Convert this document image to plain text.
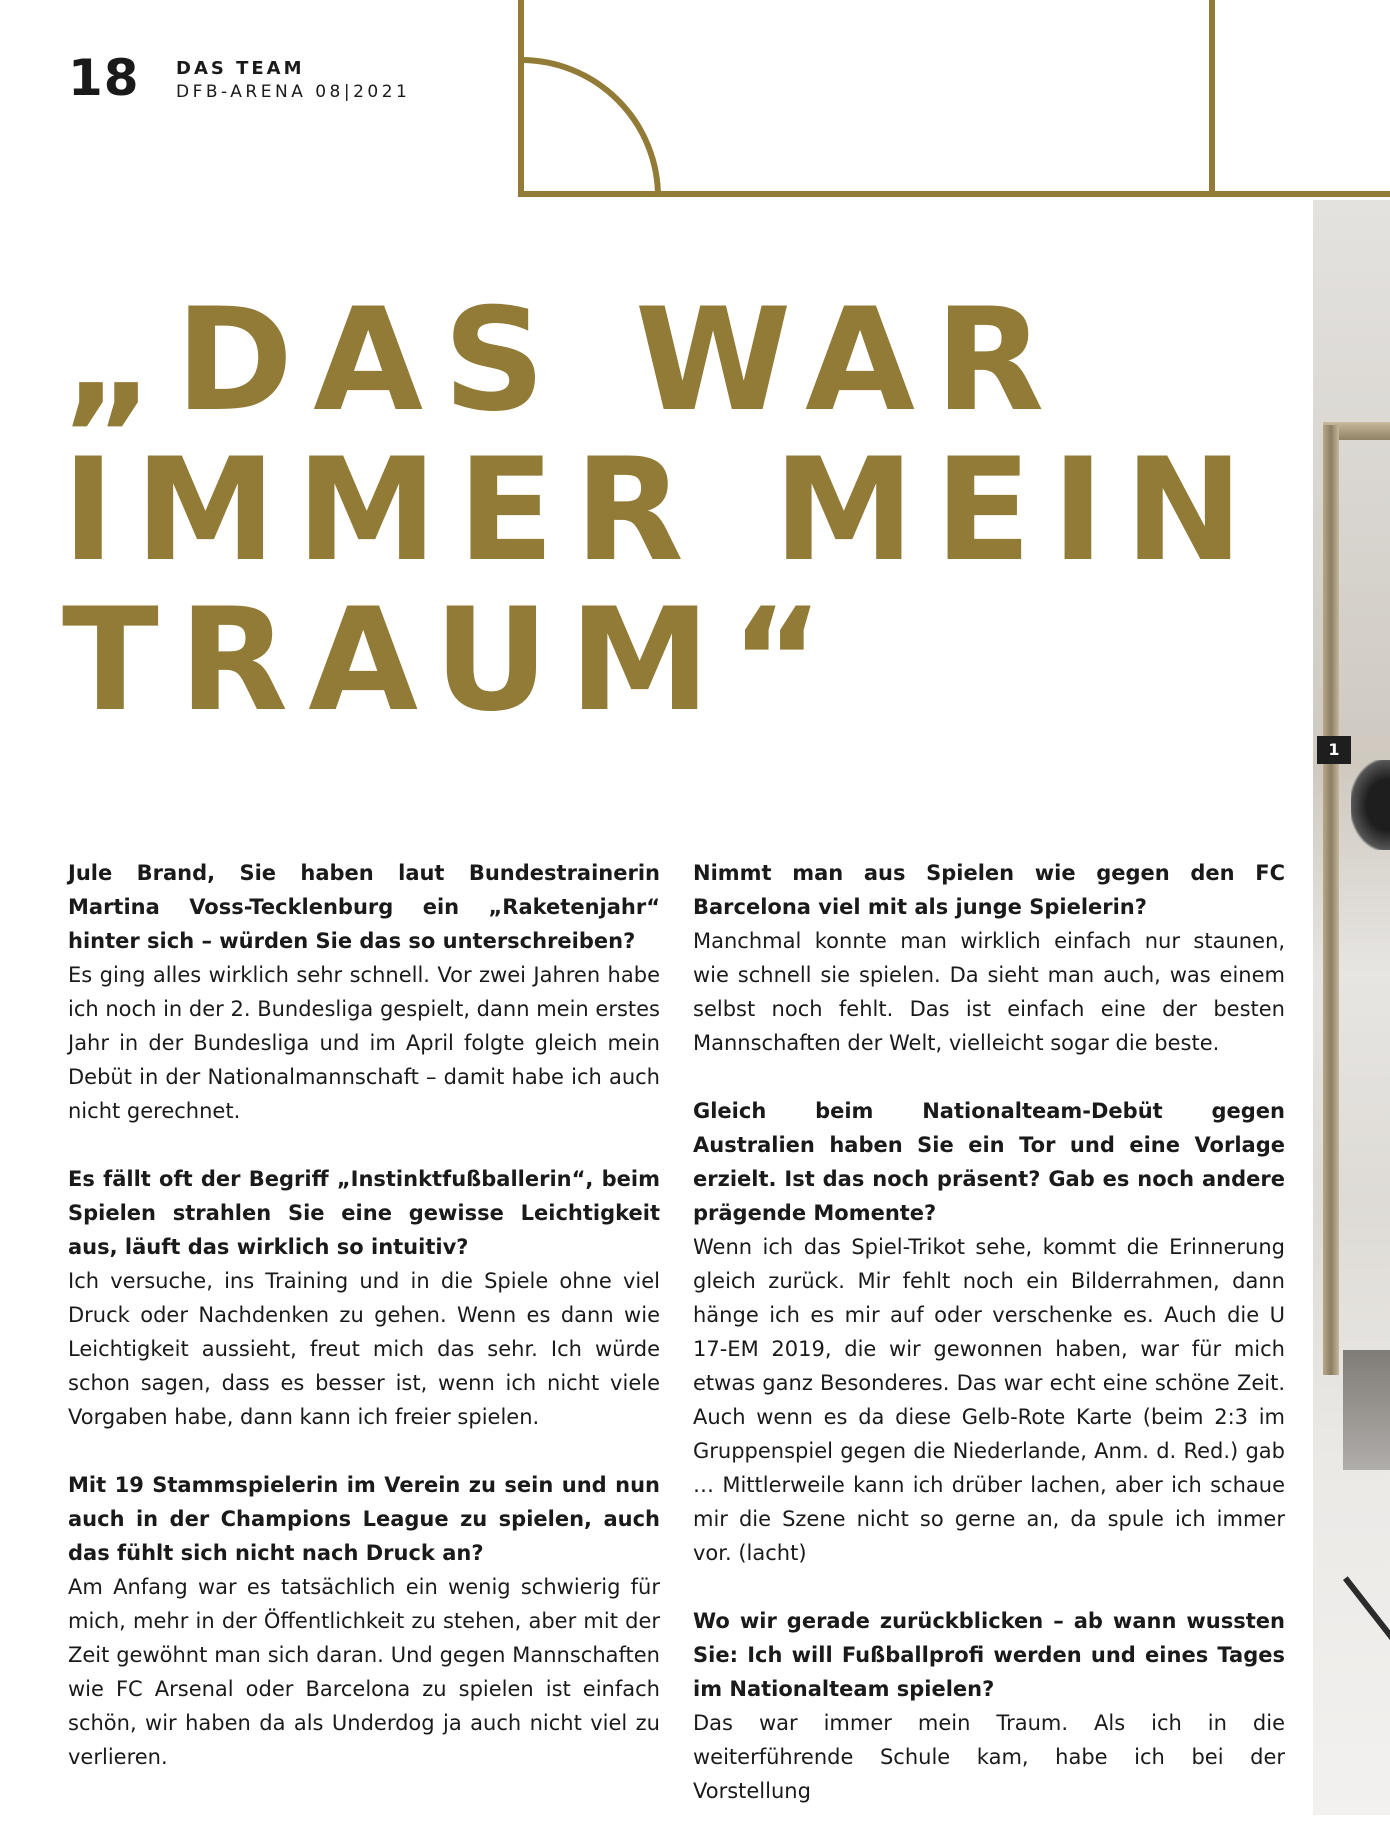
18 DAS TEAM
DFB-ARENA 08|2021
1
„DAS WAR
IMMER MEIN
TRAUM“

Jule Brand, Sie haben laut Bundestrainerin Martina Voss-Tecklenburg ein „Raketenjahr“ hinter sich – würden Sie das so unterschreiben?

Es ging alles wirklich sehr schnell. Vor zwei Jahren habe ich noch in der 2. Bundesliga gespielt, dann mein erstes Jahr in der Bundesliga und im April folgte gleich mein Debüt in der Nationalmannschaft – damit habe ich auch nicht gerechnet.

Es fällt oft der Begriff „Instinktfußballerin“, beim Spielen strahlen Sie eine gewisse Leichtigkeit aus, läuft das wirklich so intuitiv?

Ich versuche, ins Training und in die Spiele ohne viel Druck oder Nachdenken zu gehen. Wenn es dann wie Leichtigkeit aussieht, freut mich das sehr. Ich würde schon sagen, dass es besser ist, wenn ich nicht viele Vorgaben habe, dann kann ich freier spielen.

Mit 19 Stammspielerin im Verein zu sein und nun auch in der Champions League zu spielen, auch das fühlt sich nicht nach Druck an?

Am Anfang war es tatsächlich ein wenig schwierig für mich, mehr in der Öffentlichkeit zu stehen, aber mit der Zeit gewöhnt man sich daran. Und gegen Mannschaften wie FC Arsenal oder Barcelona zu spielen ist einfach schön, wir haben da als Underdog ja auch nicht viel zu verlieren.

Nimmt man aus Spielen wie gegen den FC Barcelona viel mit als junge Spielerin?

Manchmal konnte man wirklich einfach nur staunen, wie schnell sie spielen. Da sieht man auch, was einem selbst noch fehlt. Das ist einfach eine der besten Mannschaften der Welt, vielleicht sogar die beste.

Gleich beim Nationalteam-Debüt gegen Australien haben Sie ein Tor und eine Vorlage erzielt. Ist das noch präsent? Gab es noch andere prägende Momente?

Wenn ich das Spiel-Trikot sehe, kommt die Erinnerung gleich zurück. Mir fehlt noch ein Bilderrahmen, dann hänge ich es mir auf oder verschenke es. Auch die U 17-EM 2019, die wir gewonnen haben, war für mich etwas ganz Besonderes. Das war echt eine schöne Zeit. Auch wenn es da diese Gelb-Rote Karte (beim 2:3 im Gruppenspiel gegen die Niederlande, Anm. d. Red.) gab … Mittlerweile kann ich drüber lachen, aber ich schaue mir die Szene nicht so gerne an, da spule ich immer vor. (lacht)

Wo wir gerade zurückblicken – ab wann wussten Sie: Ich will Fußballprofi werden und eines Tages im Nationalteam spielen?

Das war immer mein Traum. Als ich in die weiterführende Schule kam, habe ich bei der Vorstellung
